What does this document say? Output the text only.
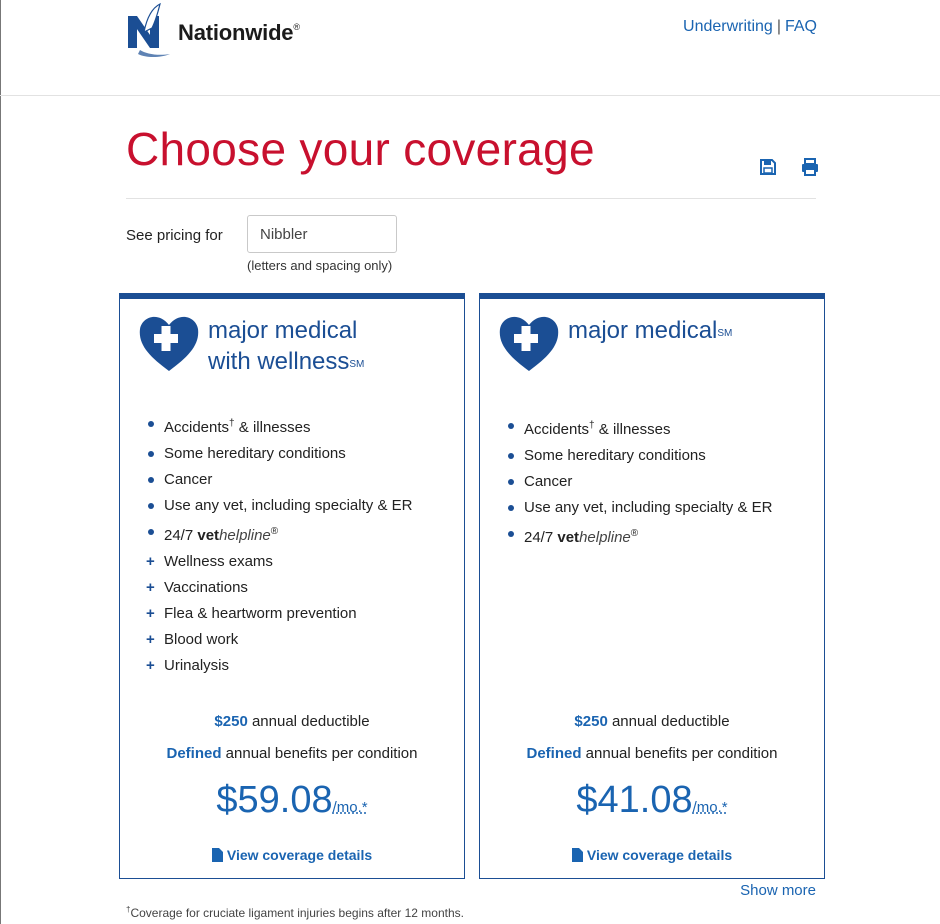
Nationwide®	Underwriting | FAQ
Choose your coverage
See pricing for
Nibbler
(letters and spacing only)
major medical
with wellness℠
Accidents† & illnesses
Some hereditary conditions
Cancer
Use any vet, including specialty & ER
24/7 vethelpline®
+ Wellness exams
+ Vaccinations
+ Flea & heartworm prevention
+ Blood work
+ Urinalysis
$250 annual deductible
Defined annual benefits per condition
$59.08/mo.*
View coverage details
major medical℠
Accidents† & illnesses
Some hereditary conditions
Cancer
Use any vet, including specialty & ER
24/7 vethelpline®
$250 annual deductible
Defined annual benefits per condition
$41.08/mo.*
View coverage details
Show more
†Coverage for cruciate ligament injuries begins after 12 months.
